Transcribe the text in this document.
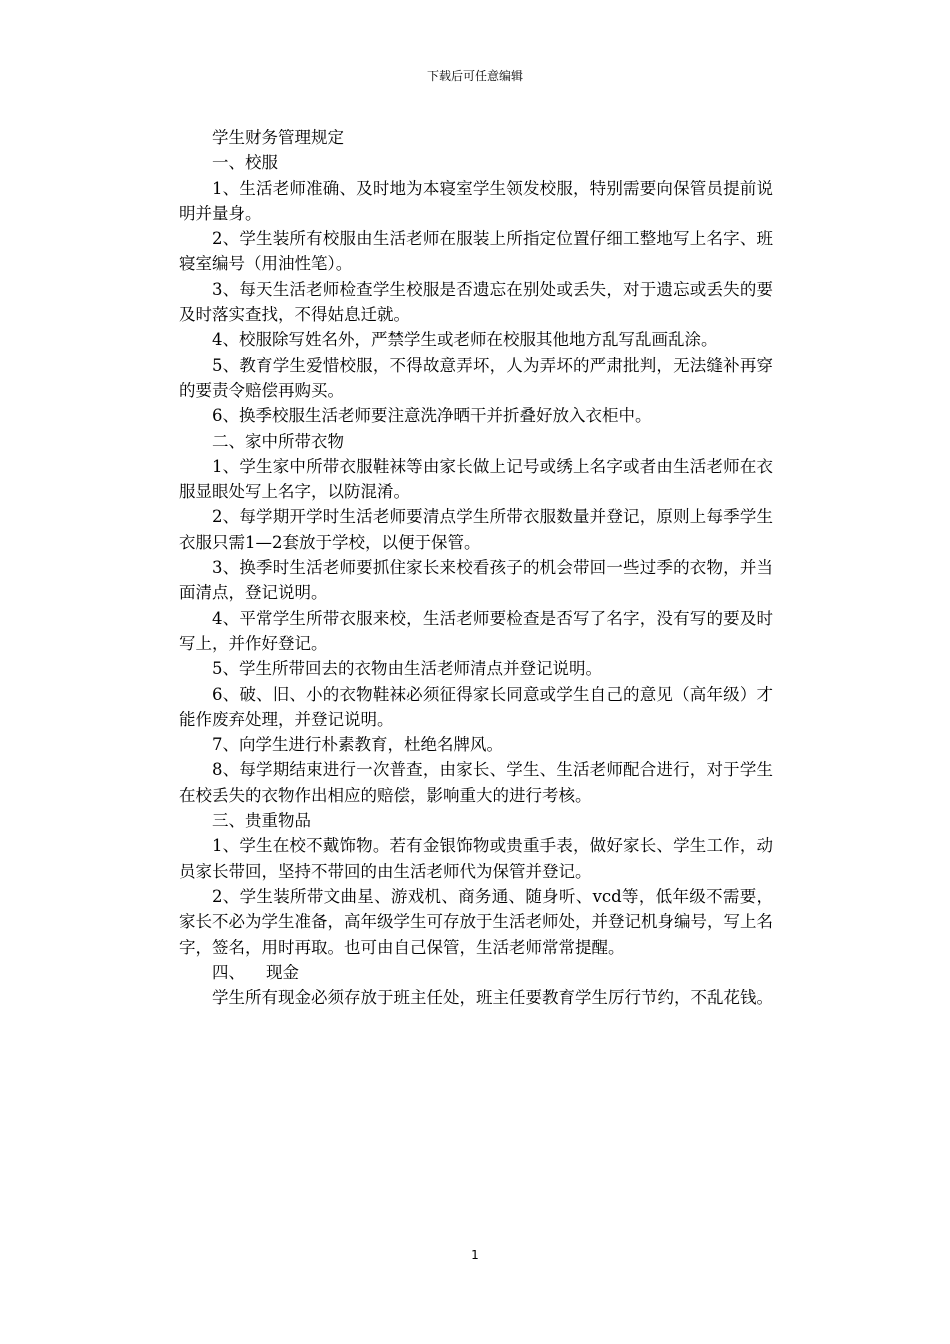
下载后可任意编辑

学生财务管理规定

一、校服

1、生活老师准确、及时地为本寝室学生领发校服，特别需要向保管员提前说明并量身。

2、学生装所有校服由生活老师在服装上所指定位置仔细工整地写上名字、班寝室编号（用油性笔）。

3、每天生活老师检查学生校服是否遗忘在别处或丢失，对于遗忘或丢失的要及时落实查找，不得姑息迁就。

4、校服除写姓名外，严禁学生或老师在校服其他地方乱写乱画乱涂。

5、教育学生爱惜校服，不得故意弄坏，人为弄坏的严肃批判，无法缝补再穿的要责令赔偿再购买。

6、换季校服生活老师要注意洗净晒干并折叠好放入衣柜中。

二、家中所带衣物

1、学生家中所带衣服鞋袜等由家长做上记号或绣上名字或者由生活老师在衣服显眼处写上名字，以防混淆。

2、每学期开学时生活老师要清点学生所带衣服数量并登记，原则上每季学生衣服只需1—2套放于学校，以便于保管。

3、换季时生活老师要抓住家长来校看孩子的机会带回一些过季的衣物，并当面清点，登记说明。

4、平常学生所带衣服来校，生活老师要检查是否写了名字，没有写的要及时写上，并作好登记。

5、学生所带回去的衣物由生活老师清点并登记说明。

6、破、旧、小的衣物鞋袜必须征得家长同意或学生自己的意见（高年级）才能作废弃处理，并登记说明。

7、向学生进行朴素教育，杜绝名牌风。

8、每学期结束进行一次普查，由家长、学生、生活老师配合进行，对于学生在校丢失的衣物作出相应的赔偿，影响重大的进行考核。

三、贵重物品

1、学生在校不戴饰物。若有金银饰物或贵重手表，做好家长、学生工作，动员家长带回，坚持不带回的由生活老师代为保管并登记。

2、学生装所带文曲星、游戏机、商务通、随身听、vcd等，低年级不需要，家长不必为学生准备，高年级学生可存放于生活老师处，并登记机身编号，写上名字，签名，用时再取。也可由自己保管，生活老师常常提醒。

四、    现金

学生所有现金必须存放于班主任处，班主任要教育学生厉行节约，不乱花钱。

1
